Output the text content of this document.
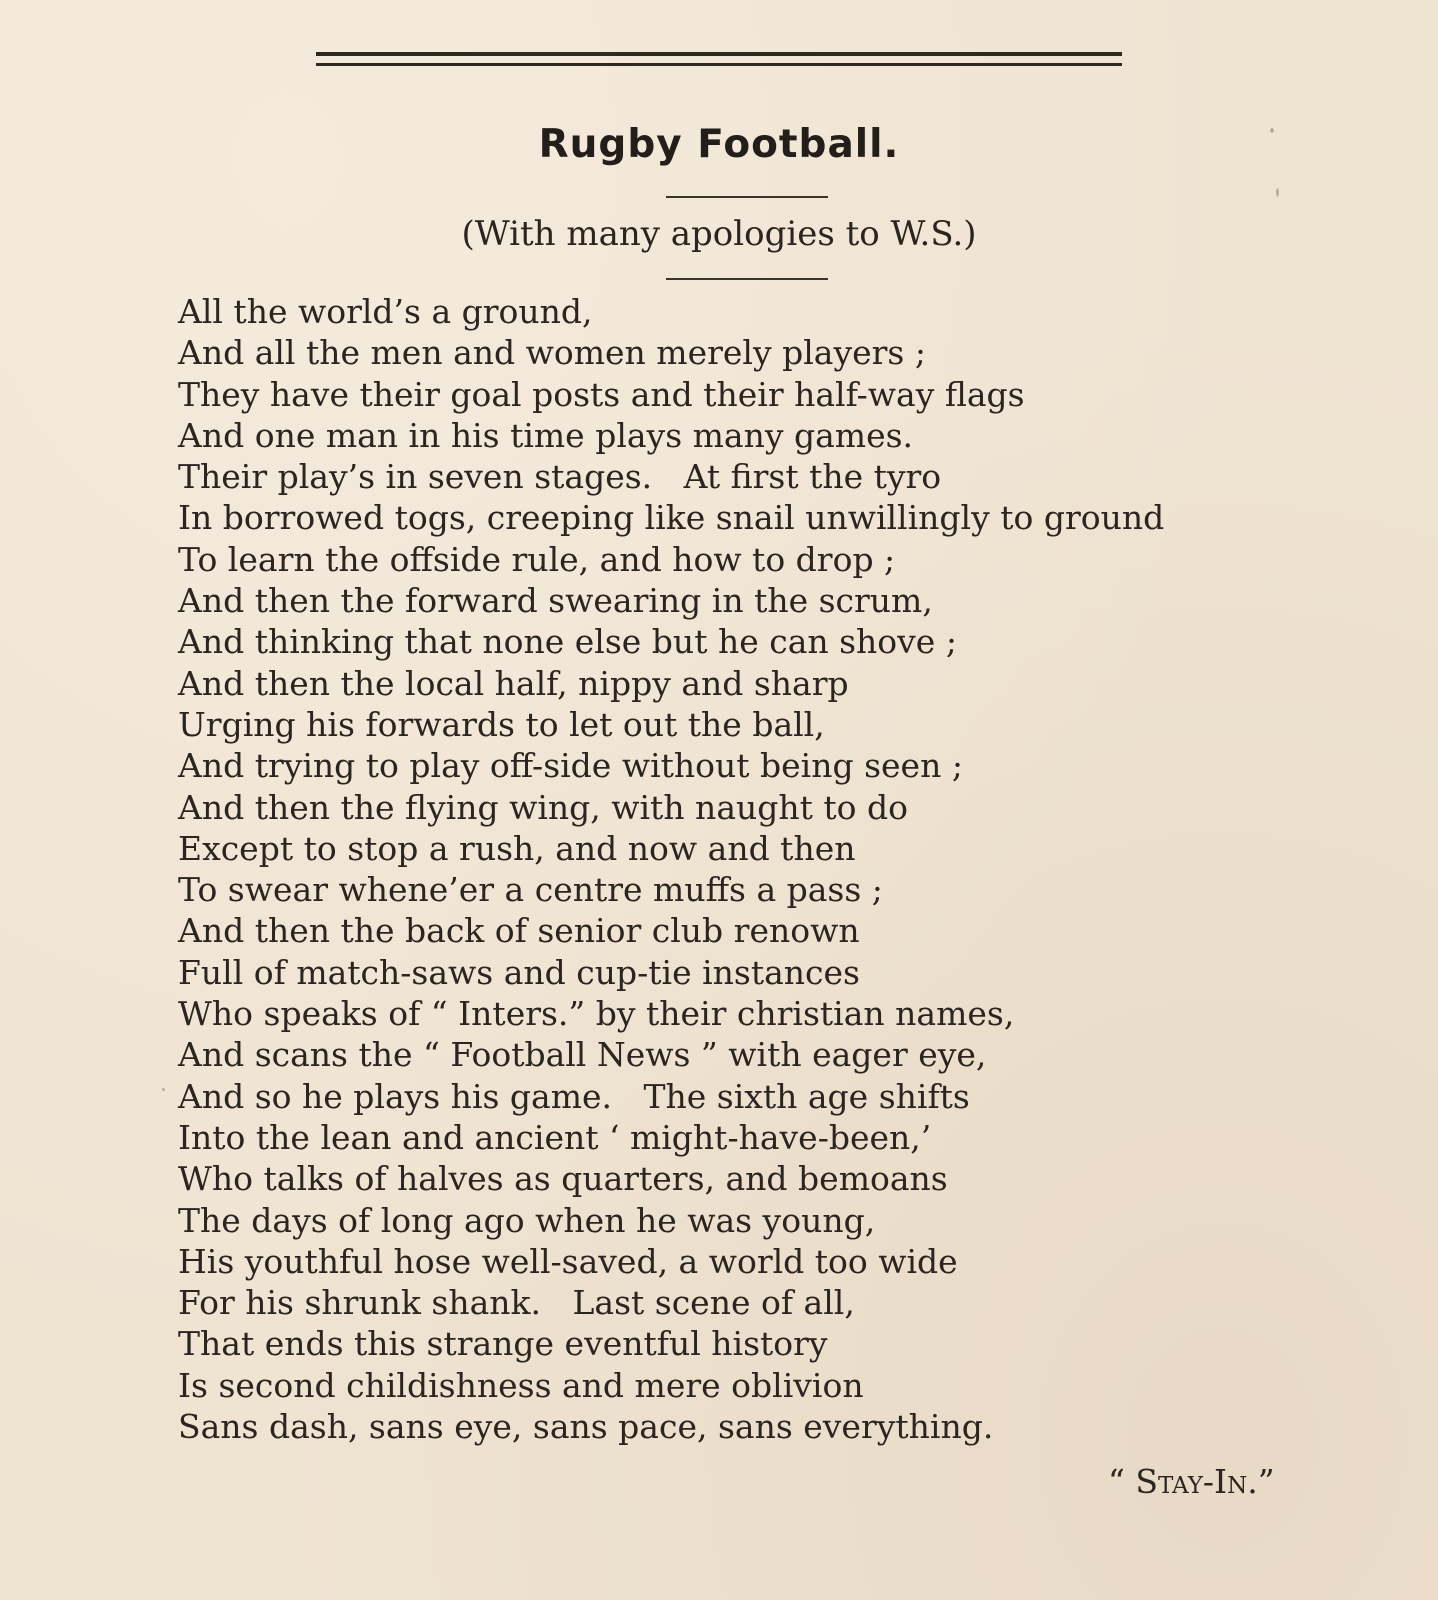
Rugby Football.
(With many apologies to W.S.)
All the world’s a ground,
And all the men and women merely players ;
They have their goal posts and their half-way flags
And one man in his time plays many games.
Their play’s in seven stages.   At first the tyro
In borrowed togs, creeping like snail unwillingly to ground
To learn the offside rule, and how to drop ;
And then the forward swearing in the scrum,
And thinking that none else but he can shove ;
And then the local half, nippy and sharp
Urging his forwards to let out the ball,
And trying to play off-side without being seen ;
And then the flying wing, with naught to do
Except to stop a rush, and now and then
To swear whene’er a centre muffs a pass ;
And then the back of senior club renown
Full of match-saws and cup-tie instances
Who speaks of “ Inters.” by their christian names,
And scans the “ Football News ” with eager eye,
And so he plays his game.   The sixth age shifts
Into the lean and ancient ‘ might-have-been,’
Who talks of halves as quarters, and bemoans
The days of long ago when he was young,
His youthful hose well-saved, a world too wide
For his shrunk shank.   Last scene of all,
That ends this strange eventful history
Is second childishness and mere oblivion
Sans dash, sans eye, sans pace, sans everything.
“ Stay-In.”
